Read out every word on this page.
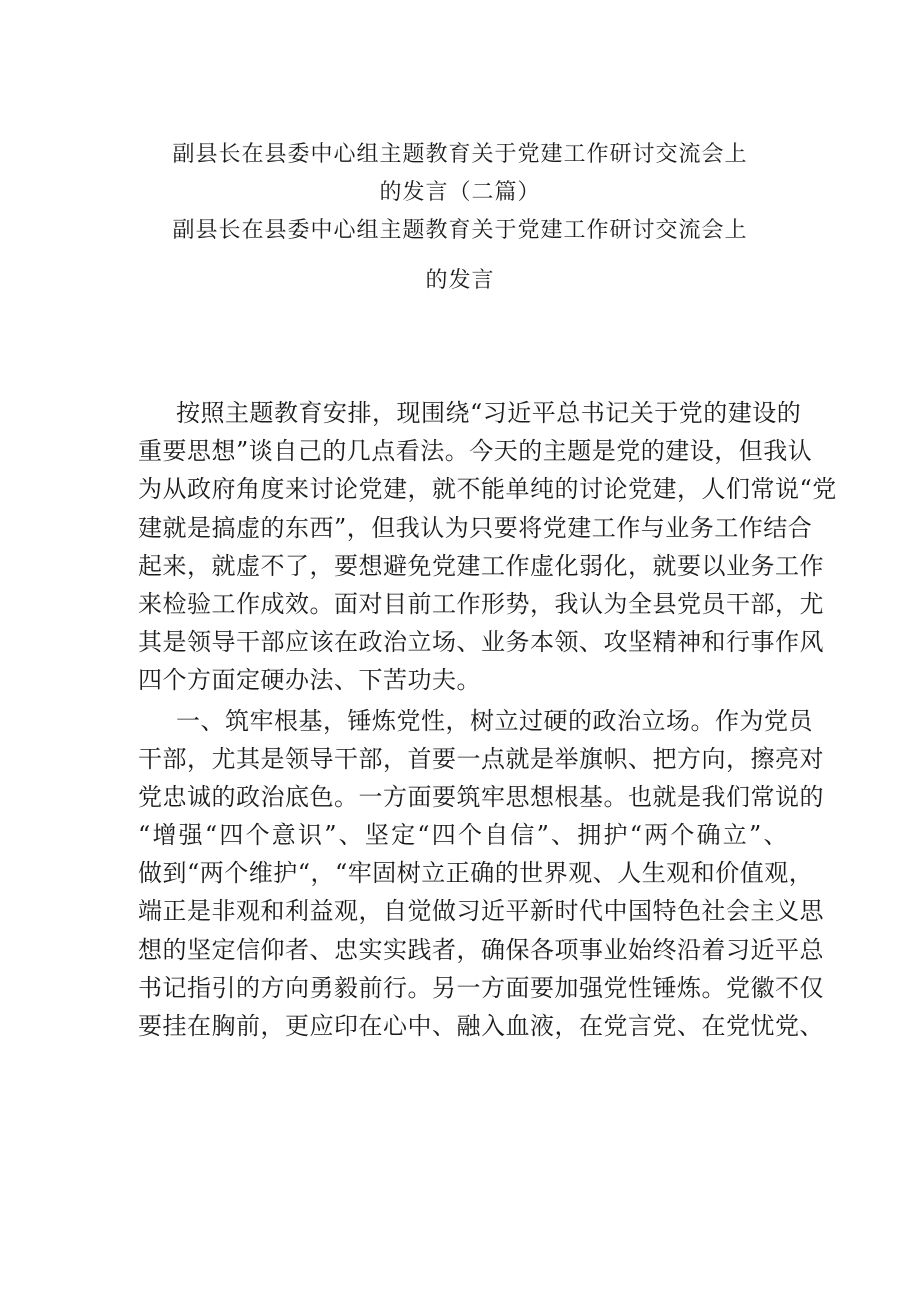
副县长在县委中心组主题教育关于党建工作研讨交流会上
的发言（二篇）
副县长在县委中心组主题教育关于党建工作研讨交流会上
的发言
按照主题教育安排，现围绕“习近平总书记关于党的建设的
重要思想”谈自己的几点看法。今天的主题是党的建设，但我认
为从政府角度来讨论党建，就不能单纯的讨论党建，人们常说“党
建就是搞虚的东西”，但我认为只要将党建工作与业务工作结合
起来，就虚不了，要想避免党建工作虚化弱化，就要以业务工作
来检验工作成效。面对目前工作形势，我认为全县党员干部，尤
其是领导干部应该在政治立场、业务本领、攻坚精神和行事作风
四个方面定硬办法、下苦功夫。
一、筑牢根基，锤炼党性，树立过硬的政治立场。作为党员
干部，尤其是领导干部，首要一点就是举旗帜、把方向，擦亮对
党忠诚的政治底色。一方面要筑牢思想根基。也就是我们常说的
“增强“四个意识”、坚定“四个自信”、拥护“两个确立”、
做到“两个维护“，“牢固树立正确的世界观、人生观和价值观，
端正是非观和利益观，自觉做习近平新时代中国特色社会主义思
想的坚定信仰者、忠实实践者，确保各项事业始终沿着习近平总
书记指引的方向勇毅前行。另一方面要加强党性锤炼。党徽不仅
要挂在胸前，更应印在心中、融入血液，在党言党、在党忧党、
